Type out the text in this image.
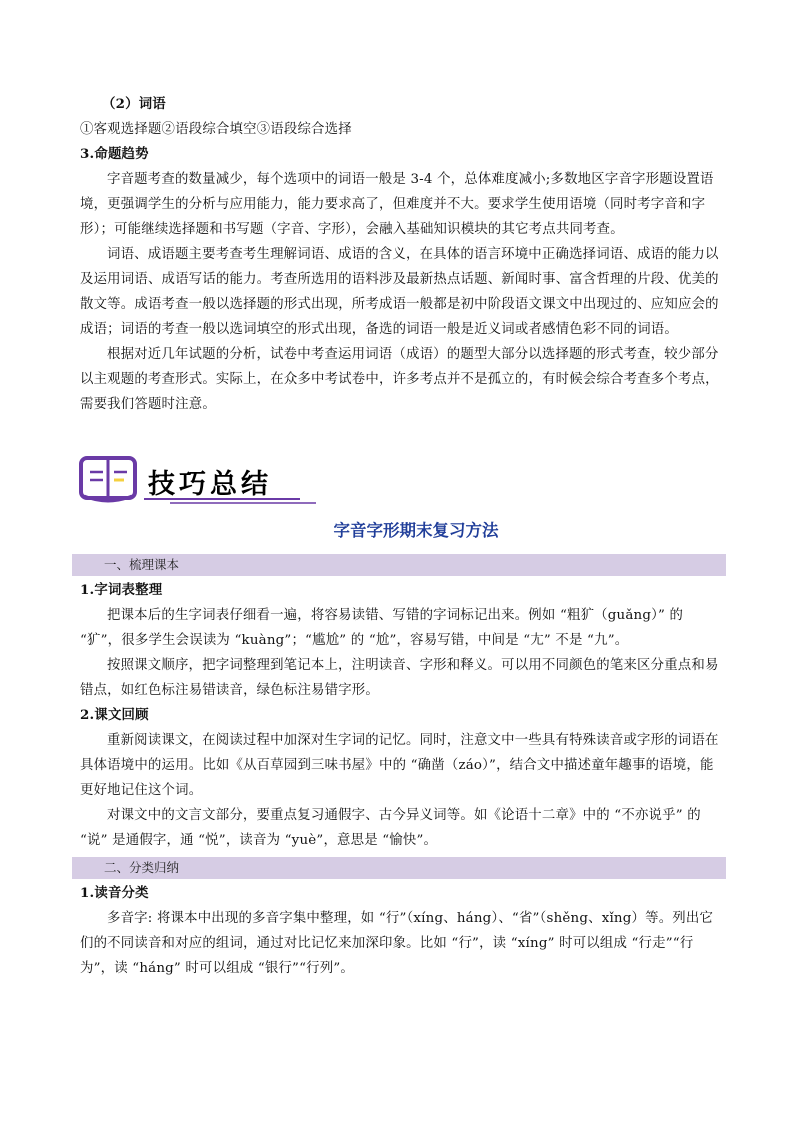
（2）词语

①客观选择题②语段综合填空③语段综合选择

3.命题趋势

字音题考查的数量减少，每个选项中的词语一般是 3-4 个，总体难度减小;多数地区字音字形题设置语境，更强调学生的分析与应用能力，能力要求高了，但难度并不大。要求学生使用语境（同时考字音和字形）；可能继续选择题和书写题（字音、字形），会融入基础知识模块的其它考点共同考查。

词语、成语题主要考查考生理解词语、成语的含义，在具体的语言环境中正确选择词语、成语的能力以及运用词语、成语写话的能力。考查所选用的语料涉及最新热点话题、新闻时事、富含哲理的片段、优美的散文等。成语考查一般以选择题的形式出现，所考成语一般都是初中阶段语文课文中出现过的、应知应会的成语；词语的考查一般以选词填空的形式出现，备选的词语一般是近义词或者感情色彩不同的词语。

根据对近几年试题的分析，试卷中考查运用词语（成语）的题型大部分以选择题的形式考查，较少部分以主观题的考查形式。实际上，在众多中考试卷中，许多考点并不是孤立的，有时候会综合考查多个考点，需要我们答题时注意。

技巧总结
字音字形期末复习方法
一、梳理课本

1.字词表整理

把课本后的生字词表仔细看一遍，将容易读错、写错的字词标记出来。例如 “粗犷（guǎng）” 的 “犷”，很多学生会误读为 “kuàng”；“尴尬” 的 “尬”，容易写错，中间是 “尢” 不是 “九”。

按照课文顺序，把字词整理到笔记本上，注明读音、字形和释义。可以用不同颜色的笔来区分重点和易错点，如红色标注易错读音，绿色标注易错字形。

2.课文回顾

重新阅读课文，在阅读过程中加深对生字词的记忆。同时，注意文中一些具有特殊读音或字形的词语在具体语境中的运用。比如《从百草园到三味书屋》中的 “确凿（záo）”，结合文中描述童年趣事的语境，能更好地记住这个词。

对课文中的文言文部分，要重点复习通假字、古今异义词等。如《论语十二章》中的 “不亦说乎” 的 “说” 是通假字，通 “悦”，读音为 “yuè”，意思是 “愉快”。

二、分类归纳

1.读音分类

多音字: 将课本中出现的多音字集中整理，如 “行”（xíng、háng）、“省”（shěng、xǐng）等。列出它们的不同读音和对应的组词，通过对比记忆来加深印象。比如 “行”，读 “xíng” 时可以组成 “行走”“行为”，读 “háng” 时可以组成 “银行”“行列”。
